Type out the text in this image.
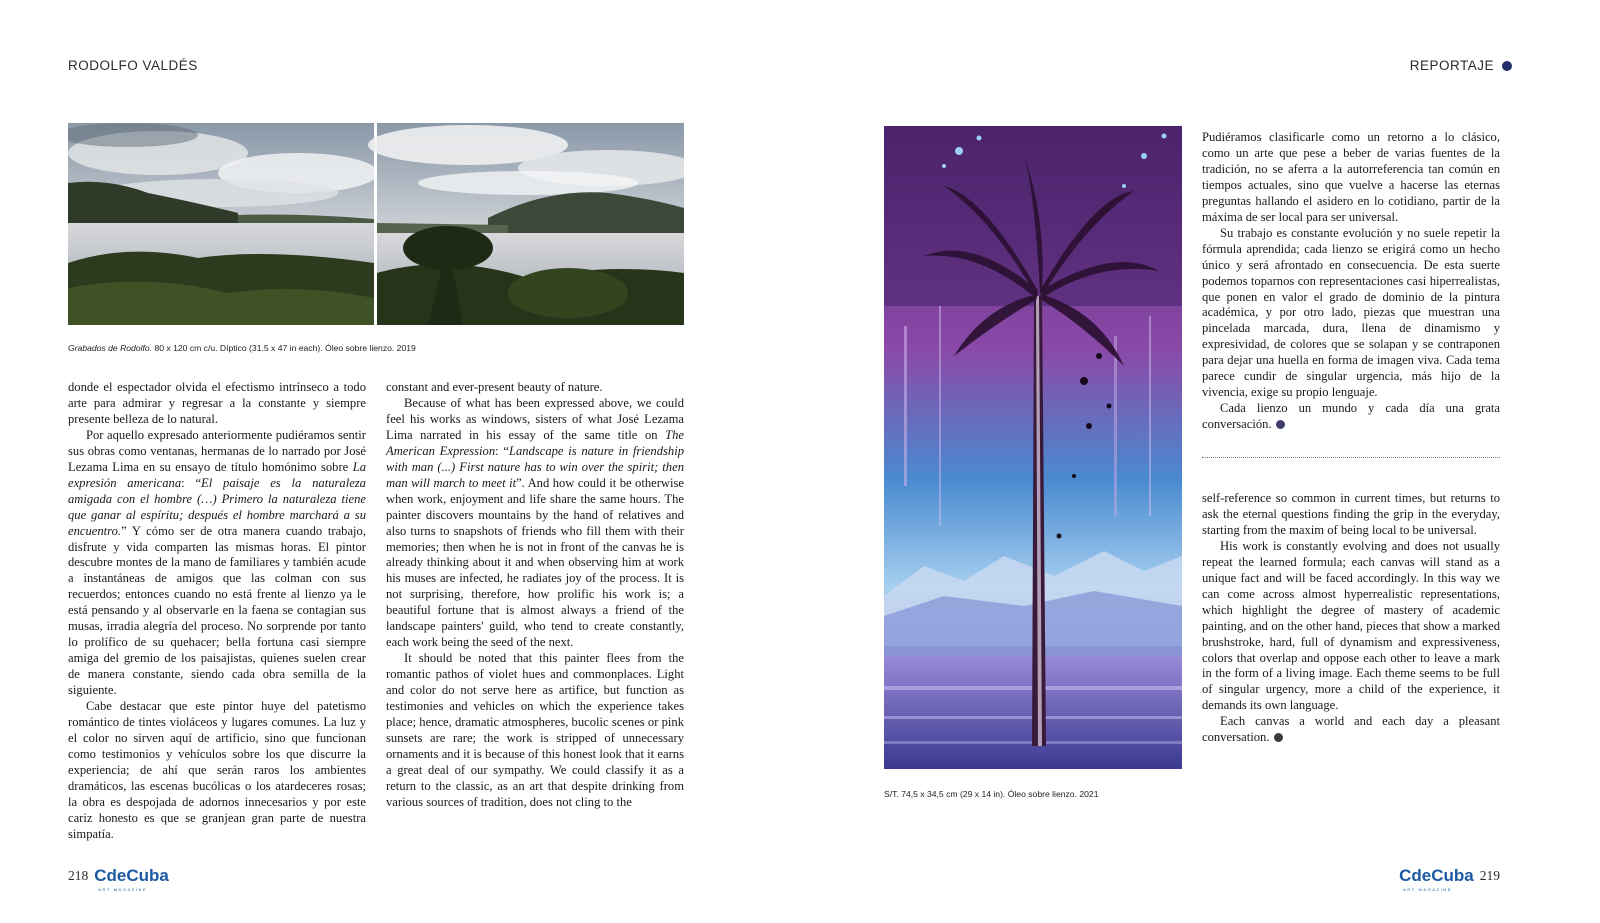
RODOLFO VALDÉS
Grabados de Rodolfo. 80 x 120 cm c/u. Díptico (31.5 x 47 in each). Óleo sobre lienzo. 2019

donde el espectador olvida el efectismo intrínseco a todo arte para admirar y regresar a la constante y siempre presente belleza de lo natural.

Por aquello expresado anteriormente pudiéramos sentir sus obras como ventanas, hermanas de lo narrado por José Lezama Lima en su ensayo de título homónimo sobre La expresión americana: “El paisaje es la naturaleza amigada con el hombre (…) Primero la naturaleza tiene que ganar al espíritu; después el hombre marchará a su encuentro.” Y cómo ser de otra manera cuando trabajo, disfrute y vida comparten las mismas horas. El pintor descubre montes de la mano de familiares y también acude a instantáneas de amigos que las colman con sus recuerdos; entonces cuando no está frente al lienzo ya le está pensando y al observarle en la faena se contagian sus musas, irradia alegría del proceso. No sorprende por tanto lo prolífico de su quehacer; bella fortuna casi siempre amiga del gremio de los paisajistas, quienes suelen crear de manera constante, siendo cada obra semilla de la siguiente.

Cabe destacar que este pintor huye del patetismo romántico de tintes violáceos y lugares comunes. La luz y el color no sirven aquí de artificio, sino que funcionan como testimonios y vehículos sobre los que discurre la experiencia; de ahí que serán raros los ambientes dramáticos, las escenas bucólicas o los atardeceres rosas; la obra es despojada de adornos innecesarios y por este cariz honesto es que se granjean gran parte de nuestra simpatía.

constant and ever-present beauty of nature.

Because of what has been expressed above, we could feel his works as windows, sisters of what José Lezama Lima narrated in his essay of the same title on The American Expression: “Landscape is nature in friendship with man (...) First nature has to win over the spirit; then man will march to meet it”. And how could it be otherwise when work, enjoyment and life share the same hours. The painter discovers mountains by the hand of relatives and also turns to snapshots of friends who fill them with their memories; then when he is not in front of the canvas he is already thinking about it and when observing him at work his muses are infected, he radiates joy of the process. It is not surprising, therefore, how prolific his work is; a beautiful fortune that is almost always a friend of the landscape painters' guild, who tend to create constantly, each work being the seed of the next.

It should be noted that this painter flees from the romantic pathos of violet hues and commonplaces. Light and color do not serve here as artifice, but function as testimonies and vehicles on which the experience takes place; hence, dramatic atmospheres, bucolic scenes or pink sunsets are rare; the work is stripped of unnecessary ornaments and it is because of this honest look that it earns a great deal of our sympathy. We could classify it as a return to the classic, as an art that despite drinking from various sources of tradition, does not cling to the

218 CdeCuba
ART MAGAZINE
REPORTAJE
S/T. 74,5 x 34,5 cm (29 x 14 in). Óleo sobre lienzo. 2021

Pudiéramos clasificarle como un retorno a lo clásico, como un arte que pese a beber de varias fuentes de la tradición, no se aferra a la autorreferencia tan común en tiempos actuales, sino que vuelve a hacerse las eternas preguntas hallando el asidero en lo cotidiano, partir de la máxima de ser local para ser universal.

Su trabajo es constante evolución y no suele repetir la fórmula aprendida; cada lienzo se erigirá como un hecho único y será afrontado en consecuencia. De esta suerte podemos toparnos con representaciones casi hiperrealistas, que ponen en valor el grado de dominio de la pintura académica, y por otro lado, piezas que muestran una pincelada marcada, dura, llena de dinamismo y expresividad, de colores que se solapan y se contraponen para dejar una huella en forma de imagen viva. Cada tema parece cundir de singular urgencia, más hijo de la vivencia, exige su propio lenguaje.

Cada lienzo un mundo y cada día una grata conversación.

self-reference so common in current times, but returns to ask the eternal questions finding the grip in the everyday, starting from the maxim of being local to be universal.

His work is constantly evolving and does not usually repeat the learned formula; each canvas will stand as a unique fact and will be faced accordingly. In this way we can come across almost hyperrealistic representations, which highlight the degree of mastery of academic painting, and on the other hand, pieces that show a marked brushstroke, hard, full of dynamism and expressiveness, colors that overlap and oppose each other to leave a mark in the form of a living image. Each theme seems to be full of singular urgency, more a child of the experience, it demands its own language.

Each canvas a world and each day a pleasant conversation.

CdeCuba
ART MAGAZINE
219
